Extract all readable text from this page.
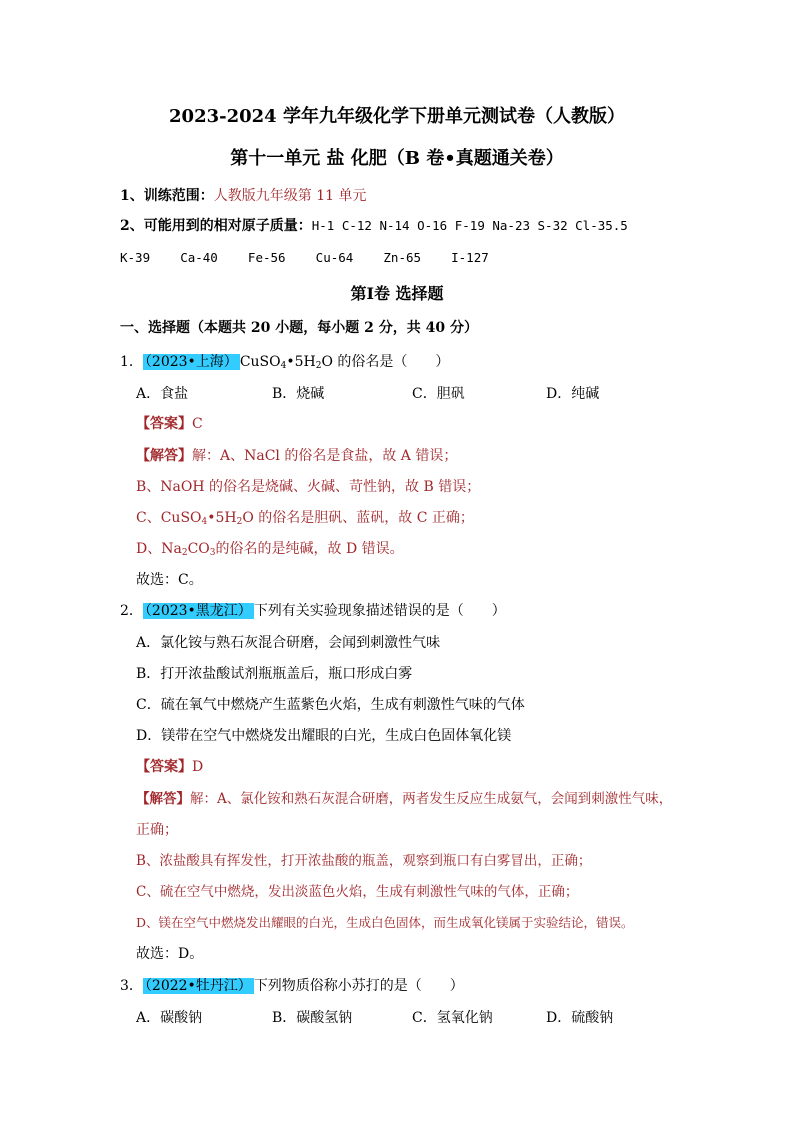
2023-2024 学年九年级化学下册单元测试卷（人教版）
第十一单元 盐 化肥（B 卷•真题通关卷）
1、训练范围：人教版九年级第 11 单元
2、可能用到的相对原子质量：H-1 C-12 N-14 O-16 F-19 Na-23 S-32 Cl-35.5
K-39    Ca-40    Fe-56    Cu-64    Zn-65    I-127
第Ⅰ卷 选择题
一、选择题（本题共 20 小题，每小题 2 分，共 40 分）
1． （2023•上海） $CuSO_4•5H_2O$ 的俗名是（　　）
A．食盐	B．烧碱	C．胆矾	D．纯碱
【答案】C
【解答】解：A、NaCl 的俗名是食盐，故 A 错误；
B、NaOH 的俗名是烧碱、火碱、苛性钠，故 B 错误；
C、$CuSO_4•5H_2O$ 的俗名是胆矾、蓝矾，故 C 正确；
D、$Na_2CO_3$的俗名的是纯碱，故 D 错误。
故选：C。
2． （2023•黑龙江） 下列有关实验现象描述错误的是（　　）
A．氯化铵与熟石灰混合研磨，会闻到刺激性气味
B．打开浓盐酸试剂瓶瓶盖后，瓶口形成白雾
C．硫在氧气中燃烧产生蓝紫色火焰，生成有刺激性气味的气体
D．镁带在空气中燃烧发出耀眼的白光，生成白色固体氧化镁
【答案】D
【解答】解：A、氯化铵和熟石灰混合研磨，两者发生反应生成氨气，会闻到刺激性气味，
正确；
B、浓盐酸具有挥发性，打开浓盐酸的瓶盖，观察到瓶口有白雾冒出，正确；
C、硫在空气中燃烧，发出淡蓝色火焰，生成有刺激性气味的气体，正确；
D、镁在空气中燃烧发出耀眼的白光，生成白色固体，而生成氧化镁属于实验结论，错误。
故选：D。
3． （2022•牡丹江） 下列物质俗称小苏打的是（　　）
A．碳酸钠	B．碳酸氢钠	C．氢氧化钠	D．硫酸钠
